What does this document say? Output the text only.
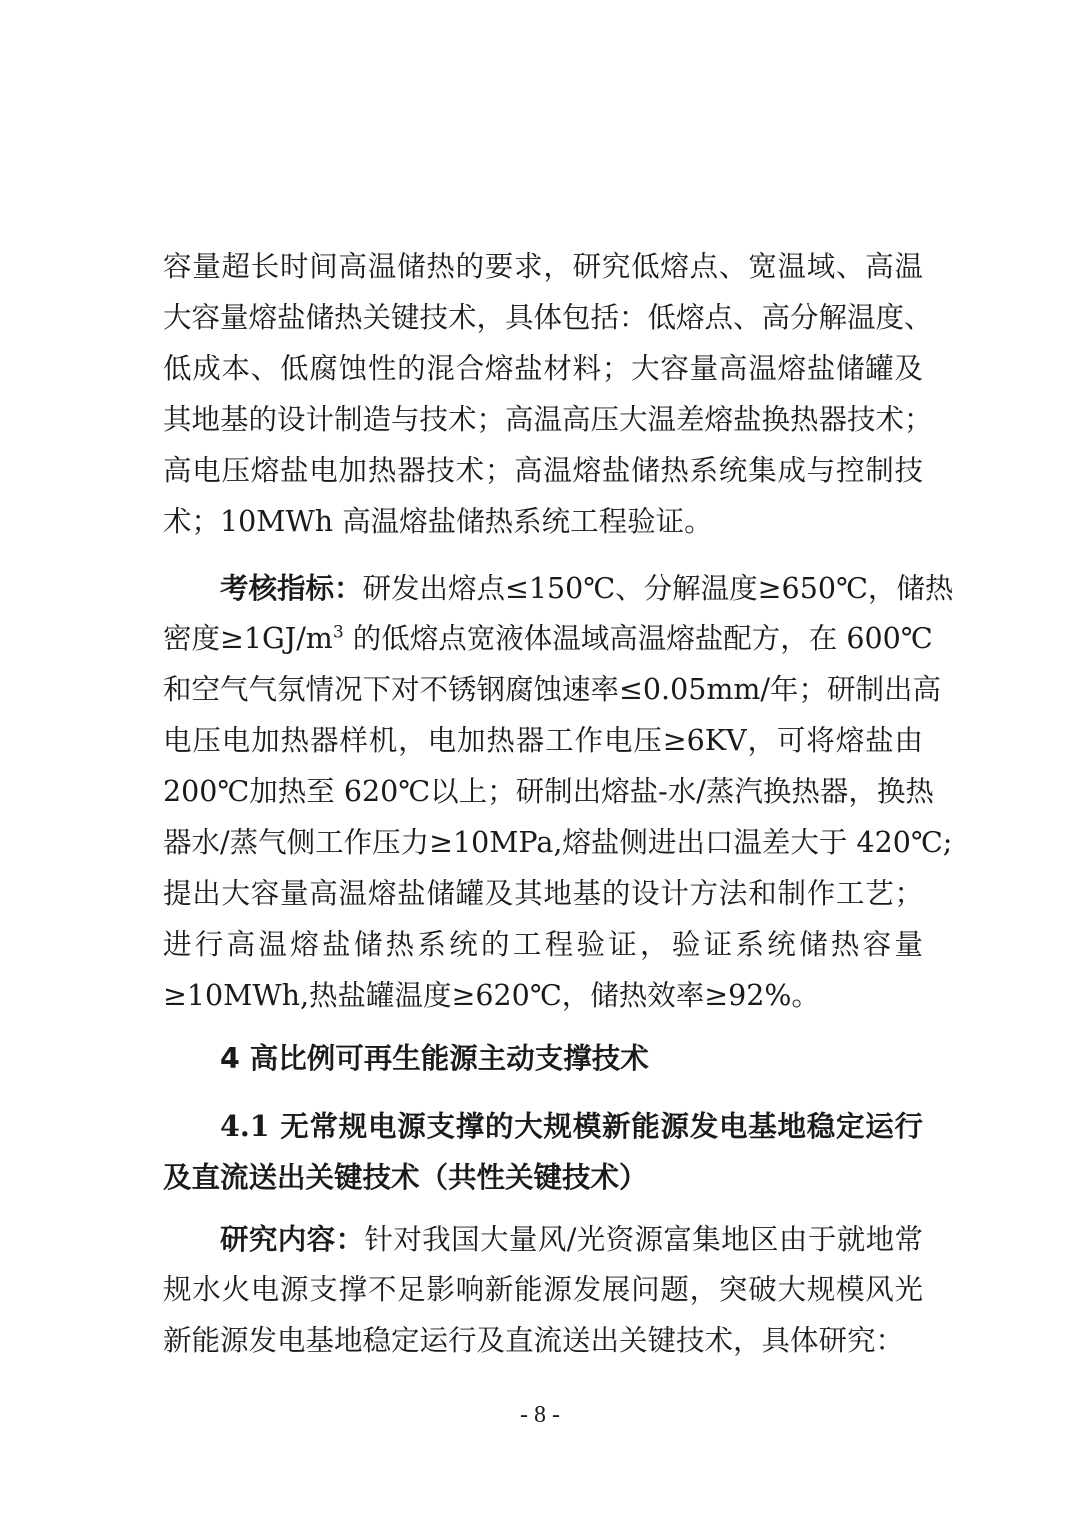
容量超长时间高温储热的要求，研究低熔点、宽温域、高温
大容量熔盐储热关键技术，具体包括：低熔点、高分解温度、
低成本、低腐蚀性的混合熔盐材料；大容量高温熔盐储罐及
其地基的设计制造与技术；高温高压大温差熔盐换热器技术；
高电压熔盐电加热器技术；高温熔盐储热系统集成与控制技
术；10MWh 高温熔盐储热系统工程验证。
考核指标：研发出熔点≤150℃、分解温度≥650℃，储热
密度$\ge 1GJ/m^3$ 的低熔点宽液体温域高温熔盐配方，在 600℃
和空气气氛情况下对不锈钢腐蚀速率≤0.05mm/年；研制出高
电压电加热器样机，电加热器工作电压≥6KV，可将熔盐由
200℃加热至 620℃以上；研制出熔盐-水/蒸汽换热器，换热
器水/蒸气侧工作压力≥10MPa,熔盐侧进出口温差大于 420℃;
提出大容量高温熔盐储罐及其地基的设计方法和制作工艺；
进行高温熔盐储热系统的工程验证，验证系统储热容量
≥10MWh,热盐罐温度≥620℃，储热效率≥92%。
4 高比例可再生能源主动支撑技术
4.1 无常规电源支撑的大规模新能源发电基地稳定运行
及直流送出关键技术（共性关键技术）
研究内容：针对我国大量风/光资源富集地区由于就地常
规水火电源支撑不足影响新能源发展问题，突破大规模风光
新能源发电基地稳定运行及直流送出关键技术，具体研究：
- 8 -
